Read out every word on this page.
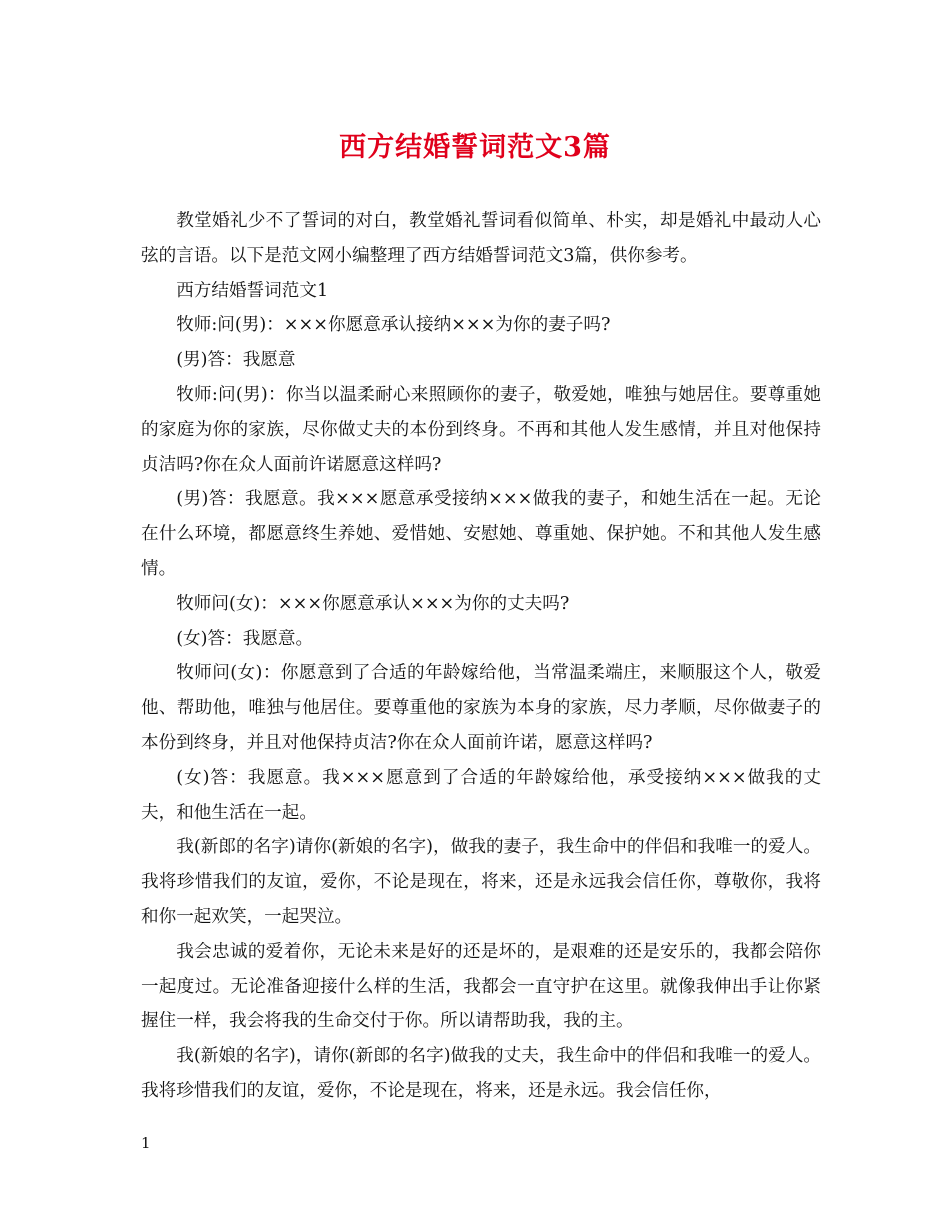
西方结婚誓词范文3篇

教堂婚礼少不了誓词的对白，教堂婚礼誓词看似简单、朴实，却是婚礼中最动人心弦的言语。以下是范文网小编整理了西方结婚誓词范文3篇，供你参考。

西方结婚誓词范文1

牧师:问(男)：×××你愿意承认接纳×××为你的妻子吗?

(男)答：我愿意

牧师:问(男)：你当以温柔耐心来照顾你的妻子，敬爱她，唯独与她居住。要尊重她的家庭为你的家族，尽你做丈夫的本份到终身。不再和其他人发生感情，并且对他保持贞洁吗?你在众人面前许诺愿意这样吗?

(男)答：我愿意。我×××愿意承受接纳×××做我的妻子，和她生活在一起。无论在什么环境，都愿意终生养她、爱惜她、安慰她、尊重她、保护她。不和其他人发生感情。

牧师问(女)：×××你愿意承认×××为你的丈夫吗?

(女)答：我愿意。

牧师问(女)：你愿意到了合适的年龄嫁给他，当常温柔端庄，来顺服这个人，敬爱他、帮助他，唯独与他居住。要尊重他的家族为本身的家族，尽力孝顺，尽你做妻子的本份到终身，并且对他保持贞洁?你在众人面前许诺，愿意这样吗?

(女)答：我愿意。我×××愿意到了合适的年龄嫁给他，承受接纳×××做我的丈夫，和他生活在一起。

我(新郎的名字)请你(新娘的名字)，做我的妻子，我生命中的伴侣和我唯一的爱人。我将珍惜我们的友谊，爱你，不论是现在，将来，还是永远我会信任你，尊敬你，我将和你一起欢笑，一起哭泣。

我会忠诚的爱着你，无论未来是好的还是坏的，是艰难的还是安乐的，我都会陪你一起度过。无论准备迎接什么样的生活，我都会一直守护在这里。就像我伸出手让你紧握住一样，我会将我的生命交付于你。所以请帮助我，我的主。

我(新娘的名字)，请你(新郎的名字)做我的丈夫，我生命中的伴侣和我唯一的爱人。我将珍惜我们的友谊，爱你，不论是现在，将来，还是永远。我会信任你，

1
